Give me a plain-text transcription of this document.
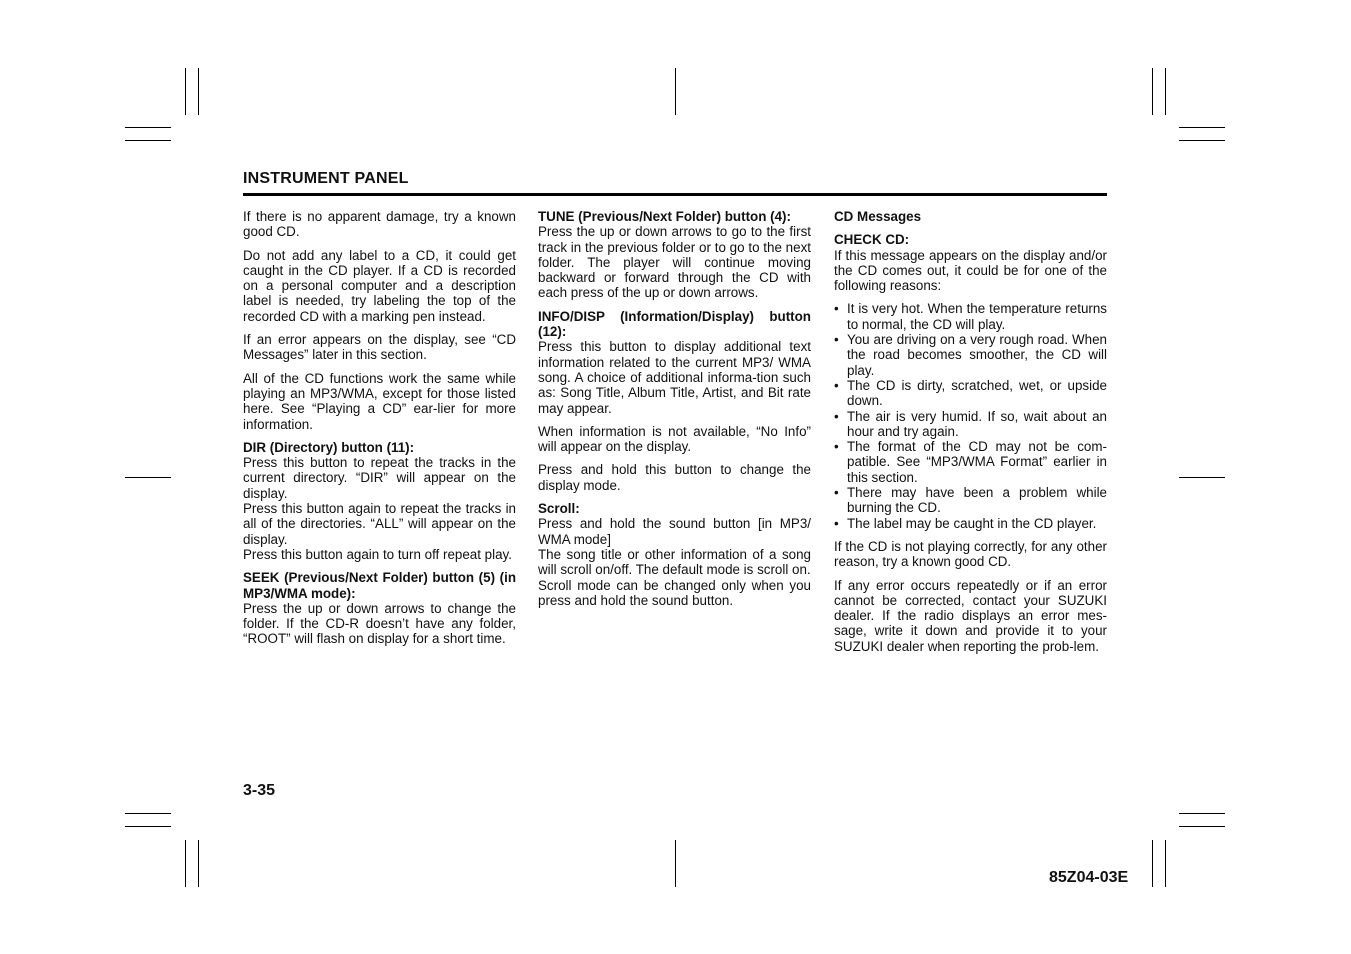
INSTRUMENT PANEL

If there is no apparent damage, try a known good CD.

Do not add any label to a CD, it could get caught in the CD player. If a CD is recorded on a personal computer and a description label is needed, try labeling the top of the recorded CD with a marking pen instead.

If an error appears on the display, see “CD Messages” later in this section.

All of the CD functions work the same while playing an MP3/WMA, except for those listed here. See “Playing a CD” ear-lier for more information.

DIR (Directory) button (11):

Press this button to repeat the tracks in the current directory. “DIR” will appear on the display.

Press this button again to repeat the tracks in all of the directories. “ALL” will appear on the display.

Press this button again to turn off repeat play.

SEEK (Previous/Next Folder) button (5) (in MP3/WMA mode):

Press the up or down arrows to change the folder. If the CD-R doesn’t have any folder, “ROOT” will flash on display for a short time.

TUNE (Previous/Next Folder) button (4):

Press the up or down arrows to go to the first track in the previous folder or to go to the next folder. The player will continue moving backward or forward through the CD with each press of the up or down arrows.

INFO/DISP (Information/Display) button (12):

Press this button to display additional text information related to the current MP3/ WMA song. A choice of additional informa-tion such as: Song Title, Album Title, Artist, and Bit rate may appear.

When information is not available, “No Info” will appear on the display.

Press and hold this button to change the display mode.

Scroll:

Press and hold the sound button [in MP3/ WMA mode]

The song title or other information of a song will scroll on/off. The default mode is scroll on.

Scroll mode can be changed only when you press and hold the sound button.

CD Messages
CHECK CD:

If this message appears on the display and/or the CD comes out, it could be for one of the following reasons:

• It is very hot. When the temperature returns to normal, the CD will play.
• You are driving on a very rough road. When the road becomes smoother, the CD will play.
• The CD is dirty, scratched, wet, or upside down.
• The air is very humid. If so, wait about an hour and try again.
• The format of the CD may not be com-patible. See “MP3/WMA Format” earlier in this section.
• There may have been a problem while burning the CD.
• The label may be caught in the CD player.

If the CD is not playing correctly, for any other reason, try a known good CD.

If any error occurs repeatedly or if an error cannot be corrected, contact your SUZUKI dealer. If the radio displays an error mes-sage, write it down and provide it to your SUZUKI dealer when reporting the prob-lem.

3-35
85Z04-03E
